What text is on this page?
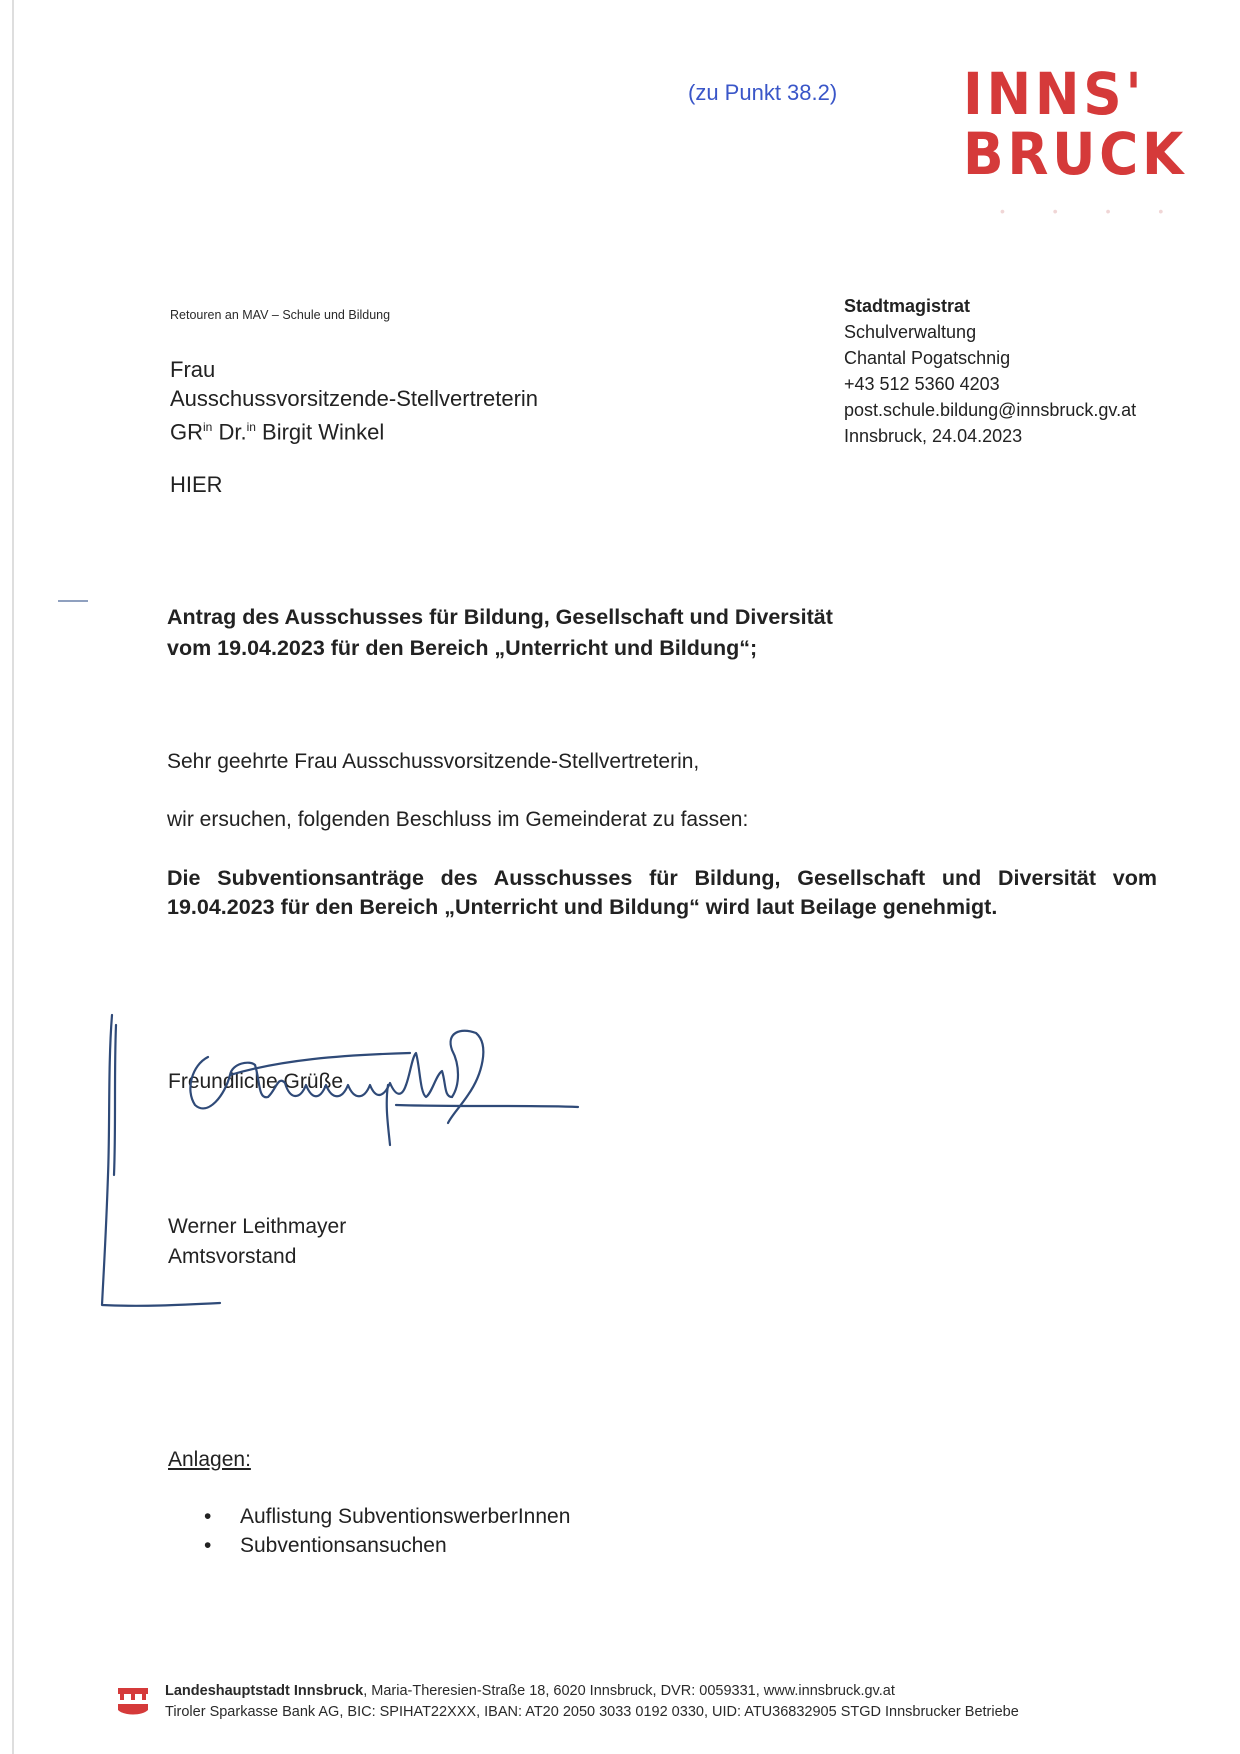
(zu Punkt 38.2) INNS'
BRUCK
• • • •
Retouren an MAV – Schule und Bildung
Frau
Ausschussvorsitzende-Stellvertreterin
$GR^{in}$ Dr.$^{in}$ Birgit Winkel
HIER
Stadtmagistrat
Schulverwaltung
Chantal Pogatschnig
+43 512 5360 4203
post.schule.bildung@innsbruck.gv.at
Innsbruck, 24.04.2023
Antrag des Ausschusses für Bildung, Gesellschaft und Diversität
vom 19.04.2023 für den Bereich „Unterricht und Bildung“;
Sehr geehrte Frau Ausschussvorsitzende-Stellvertreterin,
wir ersuchen, folgenden Beschluss im Gemeinderat zu fassen:
Die Subventionsanträge des Ausschusses für Bildung, Gesellschaft und Diversität vom 19.04.2023 für den Bereich „Unterricht und Bildung“ wird laut Beilage genehmigt.
Freundliche Grüße
Werner Leithmayer
Amtsvorstand
Anlagen:
• Auflistung SubventionswerberInnen
• Subventionsansuchen
Landeshauptstadt Innsbruck, Maria-Theresien-Straße 18, 6020 Innsbruck, DVR: 0059331, www.innsbruck.gv.at
Tiroler Sparkasse Bank AG, BIC: SPIHAT22XXX, IBAN: AT20 2050 3033 0192 0330, UID: ATU36832905 STGD Innsbrucker Betriebe
